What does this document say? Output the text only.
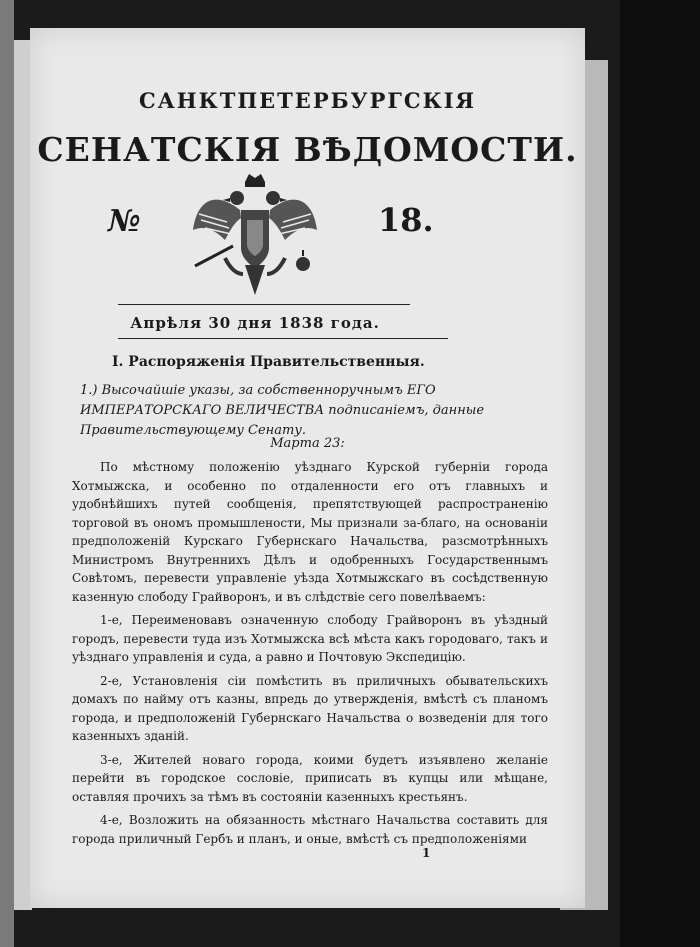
САНКТПЕТЕРБУРГСКІЯ
СЕНАТСКІЯ ВѢДОМОСТИ.
№	18.
Апрѣля 30 дня 1838 года.
I. Распоряженія Правительственныя.
1.) Высочайшіе указы, за собственноручнымъ ЕГО ИМПЕРАТОРСКАГО ВЕЛИЧЕСТВА подписаніемъ, данные Правительствующему Сенату.
Марта 23:

По мѣстному положенію уѣзднаго Курской губерніи города Хотмыжска, и особенно по отдаленности его отъ главныхъ и удобнѣйшихъ путей сообщенія, препятствующей распространенію торговой въ ономъ промышлености, Мы признали за-благо, на основаніи предположеній Курскаго Губернскаго Начальства, разсмотрѣнныхъ Министромъ Внутреннихъ Дѣлъ и одобренныхъ Государственнымъ Совѣтомъ, перевести управленіе уѣзда Хотмыжскаго въ сосѣдственную казенную слободу Грайворонъ, и въ слѣдствіе сего повелѣваемъ:

1-е, Переименовавъ означенную слободу Грайворонъ въ уѣздный городъ, перевести туда изъ Хотмыжска всѣ мѣста какъ городоваго, такъ и уѣзднаго управленія и суда, а равно и Почтовую Экспедицію.

2-е, Установленія сіи помѣстить въ приличныхъ обывательскихъ домахъ по найму отъ казны, впредь до утвержденія, вмѣстѣ съ планомъ города, и предположеній Губернскаго Начальства о возведеніи для того казенныхъ зданій.

3-е, Жителей новаго города, коими будетъ изъявлено желаніе перейти въ городское сословіе, приписать въ купцы или мѣщане, оставляя прочихъ за тѣмъ въ состояніи казенныхъ крестьянъ.

4-е, Возложить на обязанность мѣстнаго Начальства составить для города приличный Гербъ и планъ, и оные, вмѣстѣ съ предположеніями

1
